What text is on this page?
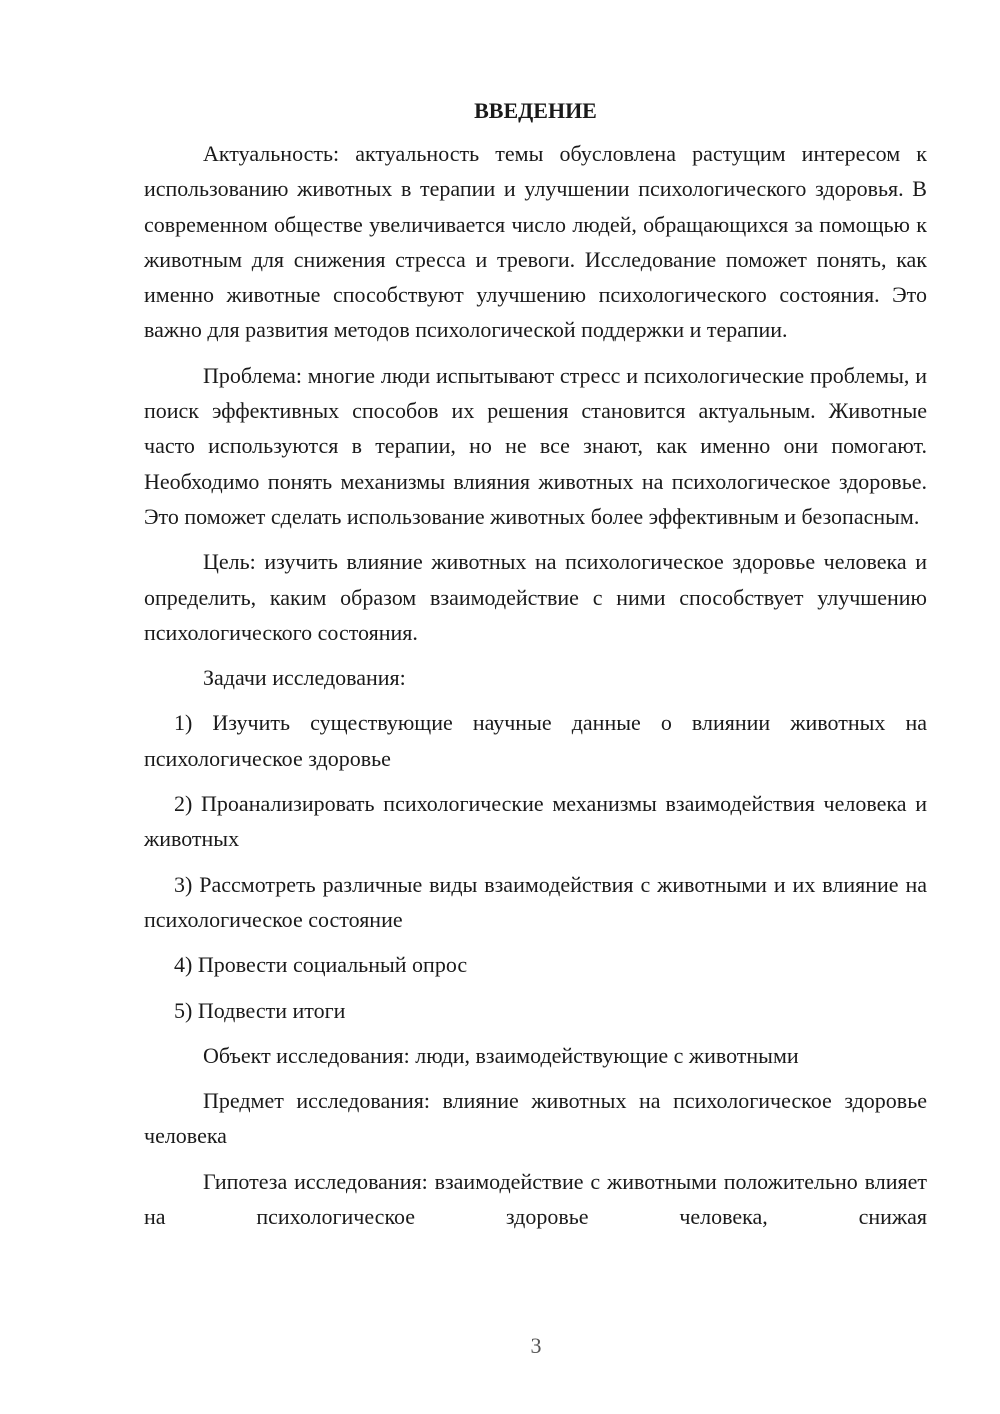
ВВЕДЕНИЕ

Актуальность: актуальность темы обусловлена растущим интересом к использованию животных в терапии и улучшении психологического здоровья. В современном обществе увеличивается число людей, обращающихся за помощью к животным для снижения стресса и тревоги. Исследование поможет понять, как именно животные способствуют улучшению психологического состояния. Это важно для развития методов психологической поддержки и терапии.

Проблема: многие люди испытывают стресс и психологические проблемы, и поиск эффективных способов их решения становится актуальным. Животные часто используются в терапии, но не все знают, как именно они помогают. Необходимо понять механизмы влияния животных на психологическое здоровье. Это поможет сделать использование животных более эффективным и безопасным.

Цель: изучить влияние животных на психологическое здоровье человека и определить, каким образом взаимодействие с ними способствует улучшению психологического состояния.

Задачи исследования:

1) Изучить существующие научные данные о влиянии животных на психологическое здоровье

2) Проанализировать психологические механизмы взаимодействия человека и животных

3) Рассмотреть различные виды взаимодействия с животными и их влияние на психологическое состояние

4) Провести социальный опрос

5) Подвести итоги

Объект исследования: люди, взаимодействующие с животными

Предмет исследования: влияние животных на психологическое здоровье человека

Гипотеза исследования: взаимодействие с животными положительно влияет на психологическое здоровье человека, снижая

3
